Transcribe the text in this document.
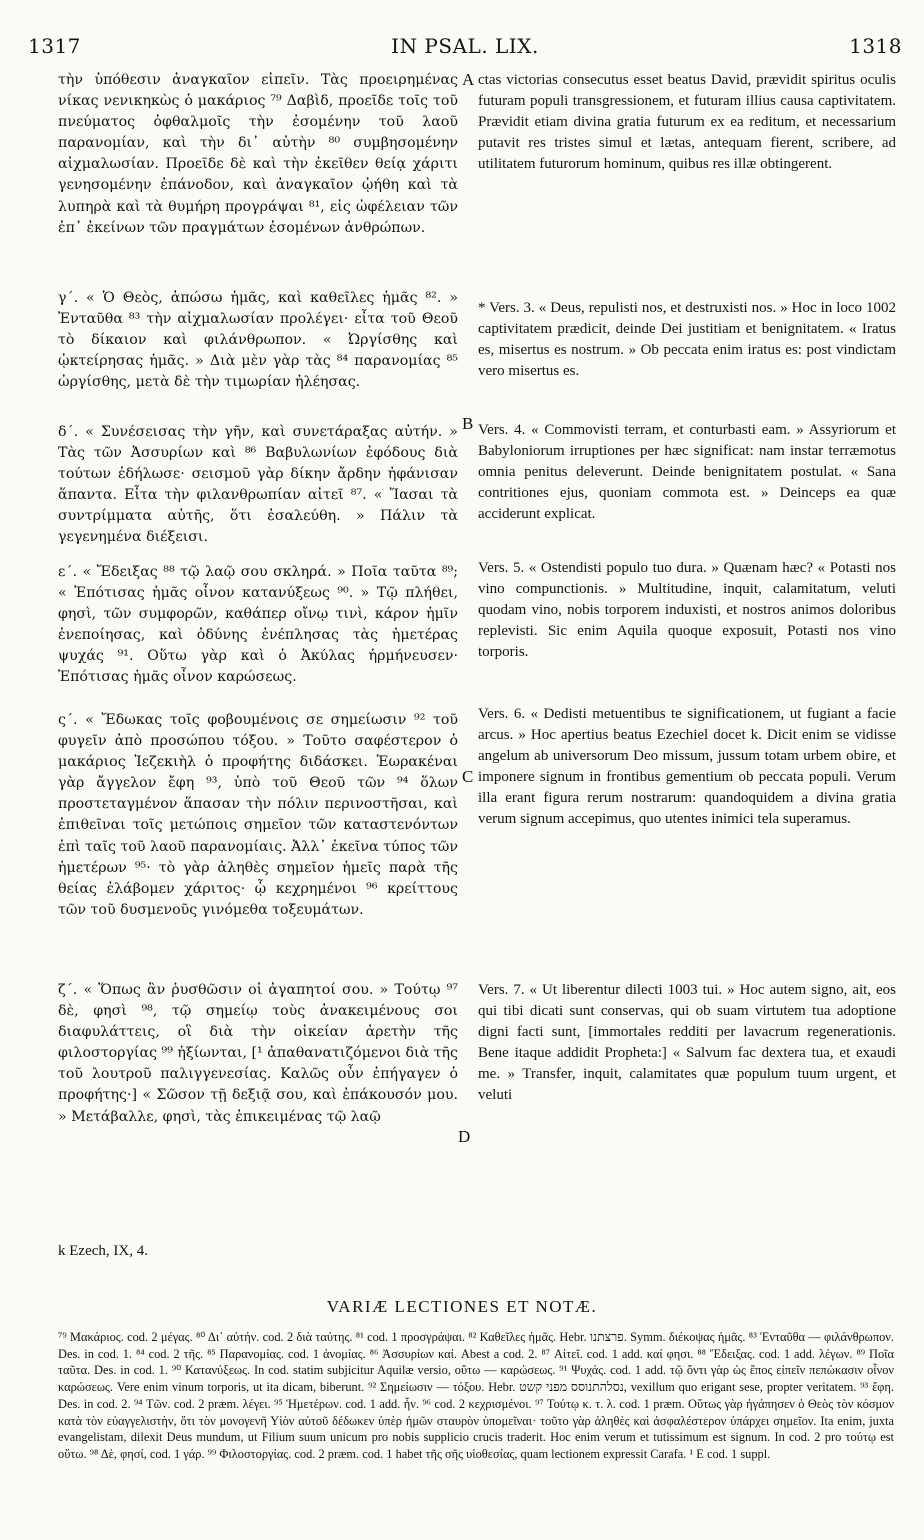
1317	IN PSAL. LIX.	1318
A
B
C
D

τὴν ὑπόθεσιν ἀναγκαῖον εἰπεῖν. Τὰς προειρημένας νίκας νενικηκὼς ὁ μακάριος ⁷⁹ Δαβὶδ, προεῖδε τοῖς τοῦ πνεύματος ὀφθαλμοῖς τὴν ἐσομένην τοῦ λαοῦ παρανομίαν, καὶ τὴν δι᾽ αὐτὴν ⁸⁰ συμβησομένην αἰχμαλωσίαν. Προεῖδε δὲ καὶ τὴν ἐκεῖθεν θείᾳ χάριτι γενησομένην ἐπάνοδον, καὶ ἀναγκαῖον ᾠήθη καὶ τὰ λυπηρὰ καὶ τὰ θυμήρη προγράψαι ⁸¹, εἰς ὠφέλειαν τῶν ἐπ᾽ ἐκείνων τῶν πραγμάτων ἐσομένων ἀνθρώπων.

γ΄. « Ὁ Θεὸς, ἀπώσω ἡμᾶς, καὶ καθεῖλες ἡμᾶς ⁸². » Ἐνταῦθα ⁸³ τὴν αἰχμαλωσίαν προλέγει· εἶτα τοῦ Θεοῦ τὸ δίκαιον καὶ φιλάνθρωπον. « Ὠργίσθης καὶ ᾠκτείρησας ἡμᾶς. » Διὰ μὲν γὰρ τὰς ⁸⁴ παρανομίας ⁸⁵ ὠργίσθης, μετὰ δὲ τὴν τιμωρίαν ἠλέησας.

δ΄. « Συνέσεισας τὴν γῆν, καὶ συνετάραξας αὐτήν. » Τὰς τῶν Ἀσσυρίων καὶ ⁸⁶ Βαβυλωνίων ἐφόδους διὰ τούτων ἐδήλωσε· σεισμοῦ γὰρ δίκην ἄρδην ἠφάνισαν ἅπαντα. Εἶτα τὴν φιλανθρωπίαν αἰτεῖ ⁸⁷. « Ἴασαι τὰ συντρίμματα αὐτῆς, ὅτι ἐσαλεύθη. » Πάλιν τὰ γεγενημένα διέξεισι.

ε΄. « Ἔδειξας ⁸⁸ τῷ λαῷ σου σκληρά. » Ποῖα ταῦτα ⁸⁹; « Ἐπότισας ἡμᾶς οἶνον κατανύξεως ⁹⁰. » Τῷ πλήθει, φησὶ, τῶν συμφορῶν, καθάπερ οἴνῳ τινὶ, κάρον ἡμῖν ἐνεποίησας, καὶ ὀδύνης ἐνέπλησας τὰς ἡμετέρας ψυχάς ⁹¹. Οὕτω γὰρ καὶ ὁ Ἀκύλας ἡρμήνευσεν· Ἐπότισας ἡμᾶς οἶνον καρώσεως.

ς΄. « Ἔδωκας τοῖς φοβουμένοις σε σημείωσιν ⁹² τοῦ φυγεῖν ἀπὸ προσώπου τόξου. » Τοῦτο σαφέστερον ὁ μακάριος Ἰεζεκιὴλ ὁ προφήτης διδάσκει. Ἑωρακέναι γὰρ ἄγγελον ἔφη ⁹³, ὑπὸ τοῦ Θεοῦ τῶν ⁹⁴ ὅλων προστεταγμένον ἅπασαν τὴν πόλιν περινοστῆσαι, καὶ ἐπιθεῖναι τοῖς μετώποις σημεῖον τῶν καταστενόντων ἐπὶ ταῖς τοῦ λαοῦ παρανομίαις. Ἀλλ᾽ ἐκεῖνα τύπος τῶν ἡμετέρων ⁹⁵· τὸ γὰρ ἀληθὲς σημεῖον ἡμεῖς παρὰ τῆς θείας ἐλάβομεν χάριτος· ᾧ κεχρημένοι ⁹⁶ κρείττους τῶν τοῦ δυσμενοῦς γινόμεθα τοξευμάτων.

ζ΄. « Ὅπως ἂν ῥυσθῶσιν οἱ ἀγαπητοί σου. » Τούτῳ ⁹⁷ δὲ, φησὶ ⁹⁸, τῷ σημείῳ τοὺς ἀνακειμένους σοι διαφυλάττεις, οἳ διὰ τὴν οἰκείαν ἀρετὴν τῆς φιλοστοργίας ⁹⁹ ἠξίωνται, [¹ ἀπαθανατιζόμενοι διὰ τῆς τοῦ λουτροῦ παλιγγενεσίας. Καλῶς οὖν ἐπήγαγεν ὁ προφήτης·] « Σῶσον τῇ δεξιᾷ σου, καὶ ἐπάκουσόν μου. » Μετάβαλλε, φησὶ, τὰς ἐπικειμένας τῷ λαῷ

ctas victorias consecutus esset beatus David, prævidit spiritus oculis futuram populi transgressionem, et futuram illius causa captivitatem. Prævidit etiam divina gratia futurum ex ea reditum, et necessarium putavit res tristes simul et lætas, antequam fierent, scribere, ad utilitatem futurorum hominum, quibus res illæ obtingerent.

* Vers. 3. « Deus, repulisti nos, et destruxisti nos. » Hoc in loco 1002 captivitatem prædicit, deinde Dei justitiam et benignitatem. « Iratus es, misertus es nostrum. » Ob peccata enim iratus es: post vindictam vero misertus es.

Vers. 4. « Commovisti terram, et conturbasti eam. » Assyriorum et Babyloniorum irruptiones per hæc significat: nam instar terræmotus omnia penitus deleverunt. Deinde benignitatem postulat. « Sana contritiones ejus, quoniam commota est. » Deinceps ea quæ acciderunt explicat.

Vers. 5. « Ostendisti populo tuo dura. » Quænam hæc? « Potasti nos vino compunctionis. » Multitudine, inquit, calamitatum, veluti quodam vino, nobis torporem induxisti, et nostros animos doloribus replevisti. Sic enim Aquila quoque exposuit, Potasti nos vino torporis.

Vers. 6. « Dedisti metuentibus te significationem, ut fugiant a facie arcus. » Hoc apertius beatus Ezechiel docet k. Dicit enim se vidisse angelum ab universorum Deo missum, jussum totam urbem obire, et imponere signum in frontibus gementium ob peccata populi. Verum illa erant figura rerum nostrarum: quandoquidem a divina gratia verum signum accepimus, quo utentes inimici tela superamus.

Vers. 7. « Ut liberentur dilecti 1003 tui. » Hoc autem signo, ait, eos qui tibi dicati sunt conservas, qui ob suam virtutem tua adoptione digni facti sunt, [immortales redditi per lavacrum regenerationis. Bene itaque addidit Propheta:] « Salvum fac dextera tua, et exaudi me. » Transfer, inquit, calamitates quæ populum tuum urgent, et veluti

k Ezech, IX, 4.
VARIÆ LECTIONES ET NOTÆ.
⁷⁹ Μακάριος. cod. 2 μέγας. ⁸⁰ Δι᾽ αὐτήν. cod. 2 διὰ ταύτης. ⁸¹ cod. 1 προσγράψαι. ⁸² Καθεῖλες ἡμᾶς. Hebr. פרצתנו. Symm. διέκοψας ἡμᾶς. ⁸³ Ἐνταῦθα — φιλάνθρωπον. Des. in cod. 1. ⁸⁴ cod. 2 τῆς. ⁸⁵ Παρανομίας. cod. 1 ἀνομίας. ⁸⁶ Ἀσσυρίων καί. Abest a cod. 2. ⁸⁷ Αἰτεῖ. cod. 1 add. καί φησι. ⁸⁸ Ἔδειξας. cod. 1 add. λέγων. ⁸⁹ Ποῖα ταῦτα. Des. in cod. 1. ⁹⁰ Κατανύξεως. In cod. statim subjicitur Aquilæ versio, οὕτω — καρώσεως. ⁹¹ Ψυχάς. cod. 1 add. τῷ ὄντι γὰρ ὡς ἔπος εἰπεῖν πεπώκασιν οἶνον καρώσεως. Vere enim vinum torporis, ut ita dicam, biberunt. ⁹² Σημείωσιν — τόξου. Hebr. נסלהתנוסס מפני קשט, vexillum quo erigant sese, propter veritatem. ⁹³ ἔφη. Des. in cod. 2. ⁹⁴ Τῶν. cod. 2 præm. λέγει. ⁹⁵ Ἡμετέρων. cod. 1 add. ἦν. ⁹⁶ cod. 2 κεχρισμένοι. ⁹⁷ Τούτῳ κ. τ. λ. cod. 1 præm. Οὕτως γὰρ ἠγάπησεν ὁ Θεὸς τὸν κόσμον κατὰ τὸν εὐαγγελιστὴν, ὅτι τὸν μονογενῆ Υἱὸν αὐτοῦ δέδωκεν ὑπὲρ ἡμῶν σταυρὸν ὑπομεῖναι· τοῦτο γὰρ ἀληθὲς καὶ ἀσφαλέστερον ὑπάρχει σημεῖον. Ita enim, juxta evangelistam, dilexit Deus mundum, ut Filium suum unicum pro nobis supplicio crucis traderit. Hoc enim verum et tutissimum est signum. In cod. 2 pro τούτῳ est οὕτω. ⁹⁸ Δὲ, φησί, cod. 1 γάρ. ⁹⁹ Φιλοστοργίας. cod. 2 præm. cod. 1 habet τῆς σῆς υἱοθεσίας, quam lectionem expressit Carafa. ¹ E cod. 1 suppl.
